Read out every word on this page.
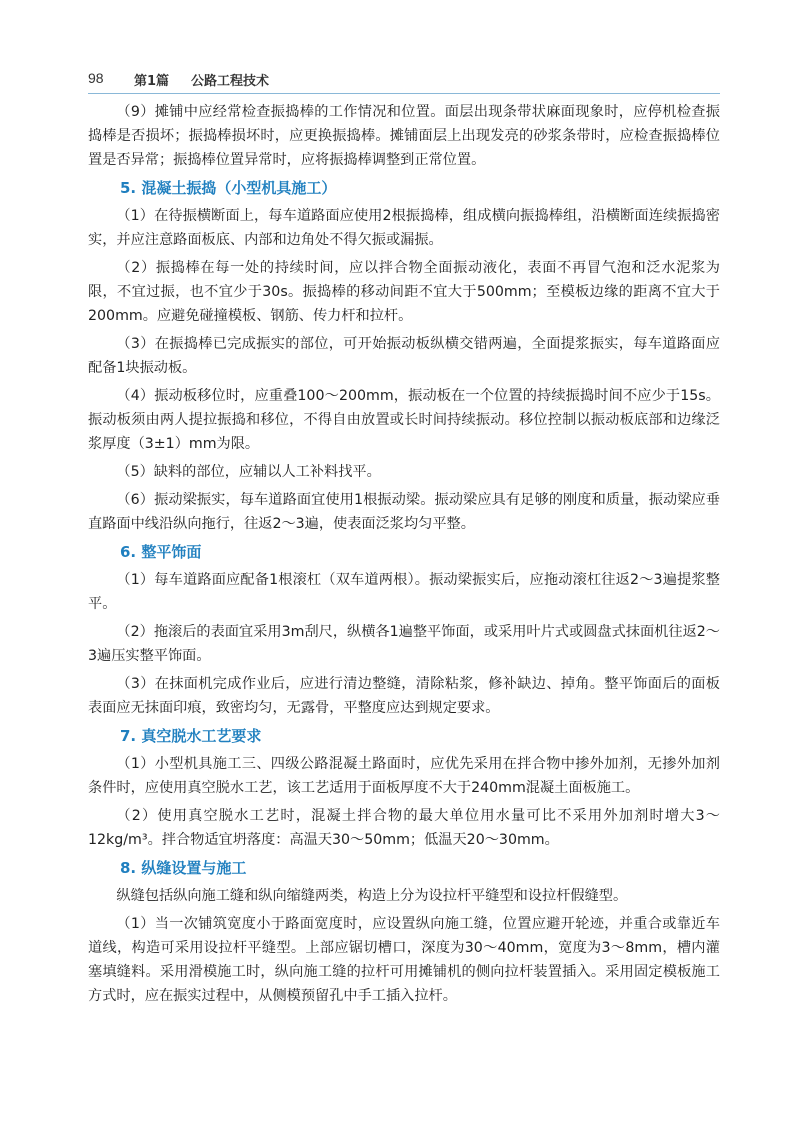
98 第1篇 公路工程技术

（9）摊铺中应经常检查振捣棒的工作情况和位置。面层出现条带状麻面现象时，应停机检查振捣棒是否损坏；振捣棒损坏时，应更换振捣棒。摊铺面层上出现发亮的砂浆条带时，应检查振捣棒位置是否异常；振捣棒位置异常时，应将振捣棒调整到正常位置。

5. 混凝土振捣（小型机具施工）

（1）在待振横断面上，每车道路面应使用2根振捣棒，组成横向振捣棒组，沿横断面连续振捣密实，并应注意路面板底、内部和边角处不得欠振或漏振。

（2）振捣棒在每一处的持续时间，应以拌合物全面振动液化，表面不再冒气泡和泛水泥浆为限，不宜过振，也不宜少于30s。振捣棒的移动间距不宜大于500mm；至模板边缘的距离不宜大于200mm。应避免碰撞模板、钢筋、传力杆和拉杆。

（3）在振捣棒已完成振实的部位，可开始振动板纵横交错两遍，全面提浆振实，每车道路面应配备1块振动板。

（4）振动板移位时，应重叠100～200mm，振动板在一个位置的持续振捣时间不应少于15s。振动板须由两人提拉振捣和移位，不得自由放置或长时间持续振动。移位控制以振动板底部和边缘泛浆厚度（3±1）mm为限。

（5）缺料的部位，应辅以人工补料找平。

（6）振动梁振实，每车道路面宜使用1根振动梁。振动梁应具有足够的刚度和质量，振动梁应垂直路面中线沿纵向拖行，往返2～3遍，使表面泛浆均匀平整。

6. 整平饰面

（1）每车道路面应配备1根滚杠（双车道两根）。振动梁振实后，应拖动滚杠往返2～3遍提浆整平。

（2）拖滚后的表面宜采用3m刮尺，纵横各1遍整平饰面，或采用叶片式或圆盘式抹面机往返2～3遍压实整平饰面。

（3）在抹面机完成作业后，应进行清边整缝，清除粘浆，修补缺边、掉角。整平饰面后的面板表面应无抹面印痕，致密均匀，无露骨，平整度应达到规定要求。

7. 真空脱水工艺要求

（1）小型机具施工三、四级公路混凝土路面时，应优先采用在拌合物中掺外加剂，无掺外加剂条件时，应使用真空脱水工艺，该工艺适用于面板厚度不大于240mm混凝土面板施工。

（2）使用真空脱水工艺时，混凝土拌合物的最大单位用水量可比不采用外加剂时增大3～12kg/m³。拌合物适宜坍落度：高温天30～50mm；低温天20～30mm。

8. 纵缝设置与施工

纵缝包括纵向施工缝和纵向缩缝两类，构造上分为设拉杆平缝型和设拉杆假缝型。

（1）当一次铺筑宽度小于路面宽度时，应设置纵向施工缝，位置应避开轮迹，并重合或靠近车道线，构造可采用设拉杆平缝型。上部应锯切槽口，深度为30～40mm，宽度为3～8mm，槽内灌塞填缝料。采用滑模施工时，纵向施工缝的拉杆可用摊铺机的侧向拉杆装置插入。采用固定模板施工方式时，应在振实过程中，从侧模预留孔中手工插入拉杆。
